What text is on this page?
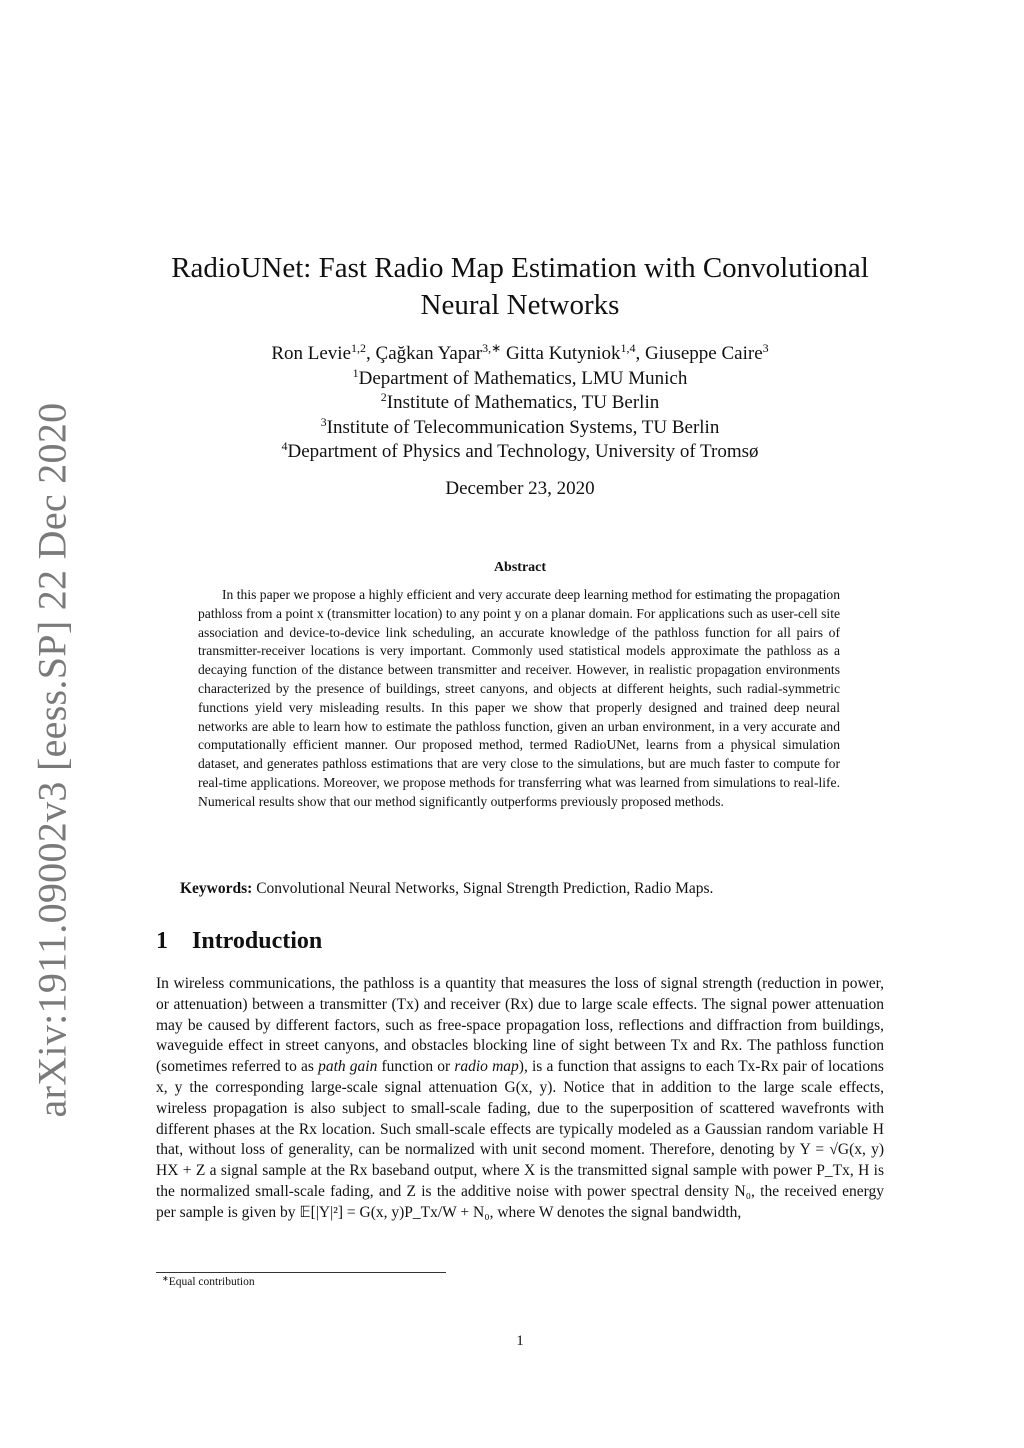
arXiv:1911.09002v3 [eess.SP] 22 Dec 2020
RadioUNet: Fast Radio Map Estimation with Convolutional
Neural Networks
Ron Levie$^{1,2}$, Çağkan Yapar$^{3,∗}$ Gitta Kutyniok$^{1,4}$, Giuseppe Caire$^3$
$^1$Department of Mathematics, LMU Munich
$^2$Institute of Mathematics, TU Berlin
$^3$Institute of Telecommunication Systems, TU Berlin
$^4$Department of Physics and Technology, University of Tromsø
December 23, 2020
Abstract
In this paper we propose a highly efficient and very accurate deep learning method for estimating the propagation pathloss from a point x (transmitter location) to any point y on a planar domain. For applications such as user-cell site association and device-to-device link scheduling, an accurate knowledge of the pathloss function for all pairs of transmitter-receiver locations is very important. Commonly used statistical models approximate the pathloss as a decaying function of the distance between transmitter and receiver. However, in realistic propagation environments characterized by the presence of buildings, street canyons, and objects at different heights, such radial-symmetric functions yield very misleading results. In this paper we show that properly designed and trained deep neural networks are able to learn how to estimate the pathloss function, given an urban environment, in a very accurate and computationally efficient manner. Our proposed method, termed RadioUNet, learns from a physical simulation dataset, and generates pathloss estimations that are very close to the simulations, but are much faster to compute for real-time applications. Moreover, we propose methods for transferring what was learned from simulations to real-life. Numerical results show that our method significantly outperforms previously proposed methods.
Keywords: Convolutional Neural Networks, Signal Strength Prediction, Radio Maps.
1 Introduction
In wireless communications, the pathloss is a quantity that measures the loss of signal strength (reduction in power, or attenuation) between a transmitter (Tx) and receiver (Rx) due to large scale effects. The signal power attenuation may be caused by different factors, such as free-space propagation loss, reflections and diffraction from buildings, waveguide effect in street canyons, and obstacles blocking line of sight between Tx and Rx. The pathloss function (sometimes referred to as path gain function or radio map), is a function that assigns to each Tx-Rx pair of locations x, y the corresponding large-scale signal attenuation G(x, y). Notice that in addition to the large scale effects, wireless propagation is also subject to small-scale fading, due to the superposition of scattered wavefronts with different phases at the Rx location. Such small-scale effects are typically modeled as a Gaussian random variable H that, without loss of generality, can be normalized with unit second moment. Therefore, denoting by Y = √G(x, y) HX + Z a signal sample at the Rx baseband output, where X is the transmitted signal sample with power P_Tx, H is the normalized small-scale fading, and Z is the additive noise with power spectral density N₀, the received energy per sample is given by 𝔼[|Y|²] = G(x, y)P_Tx/W + N₀, where W denotes the signal bandwidth,
∗Equal contribution
1
